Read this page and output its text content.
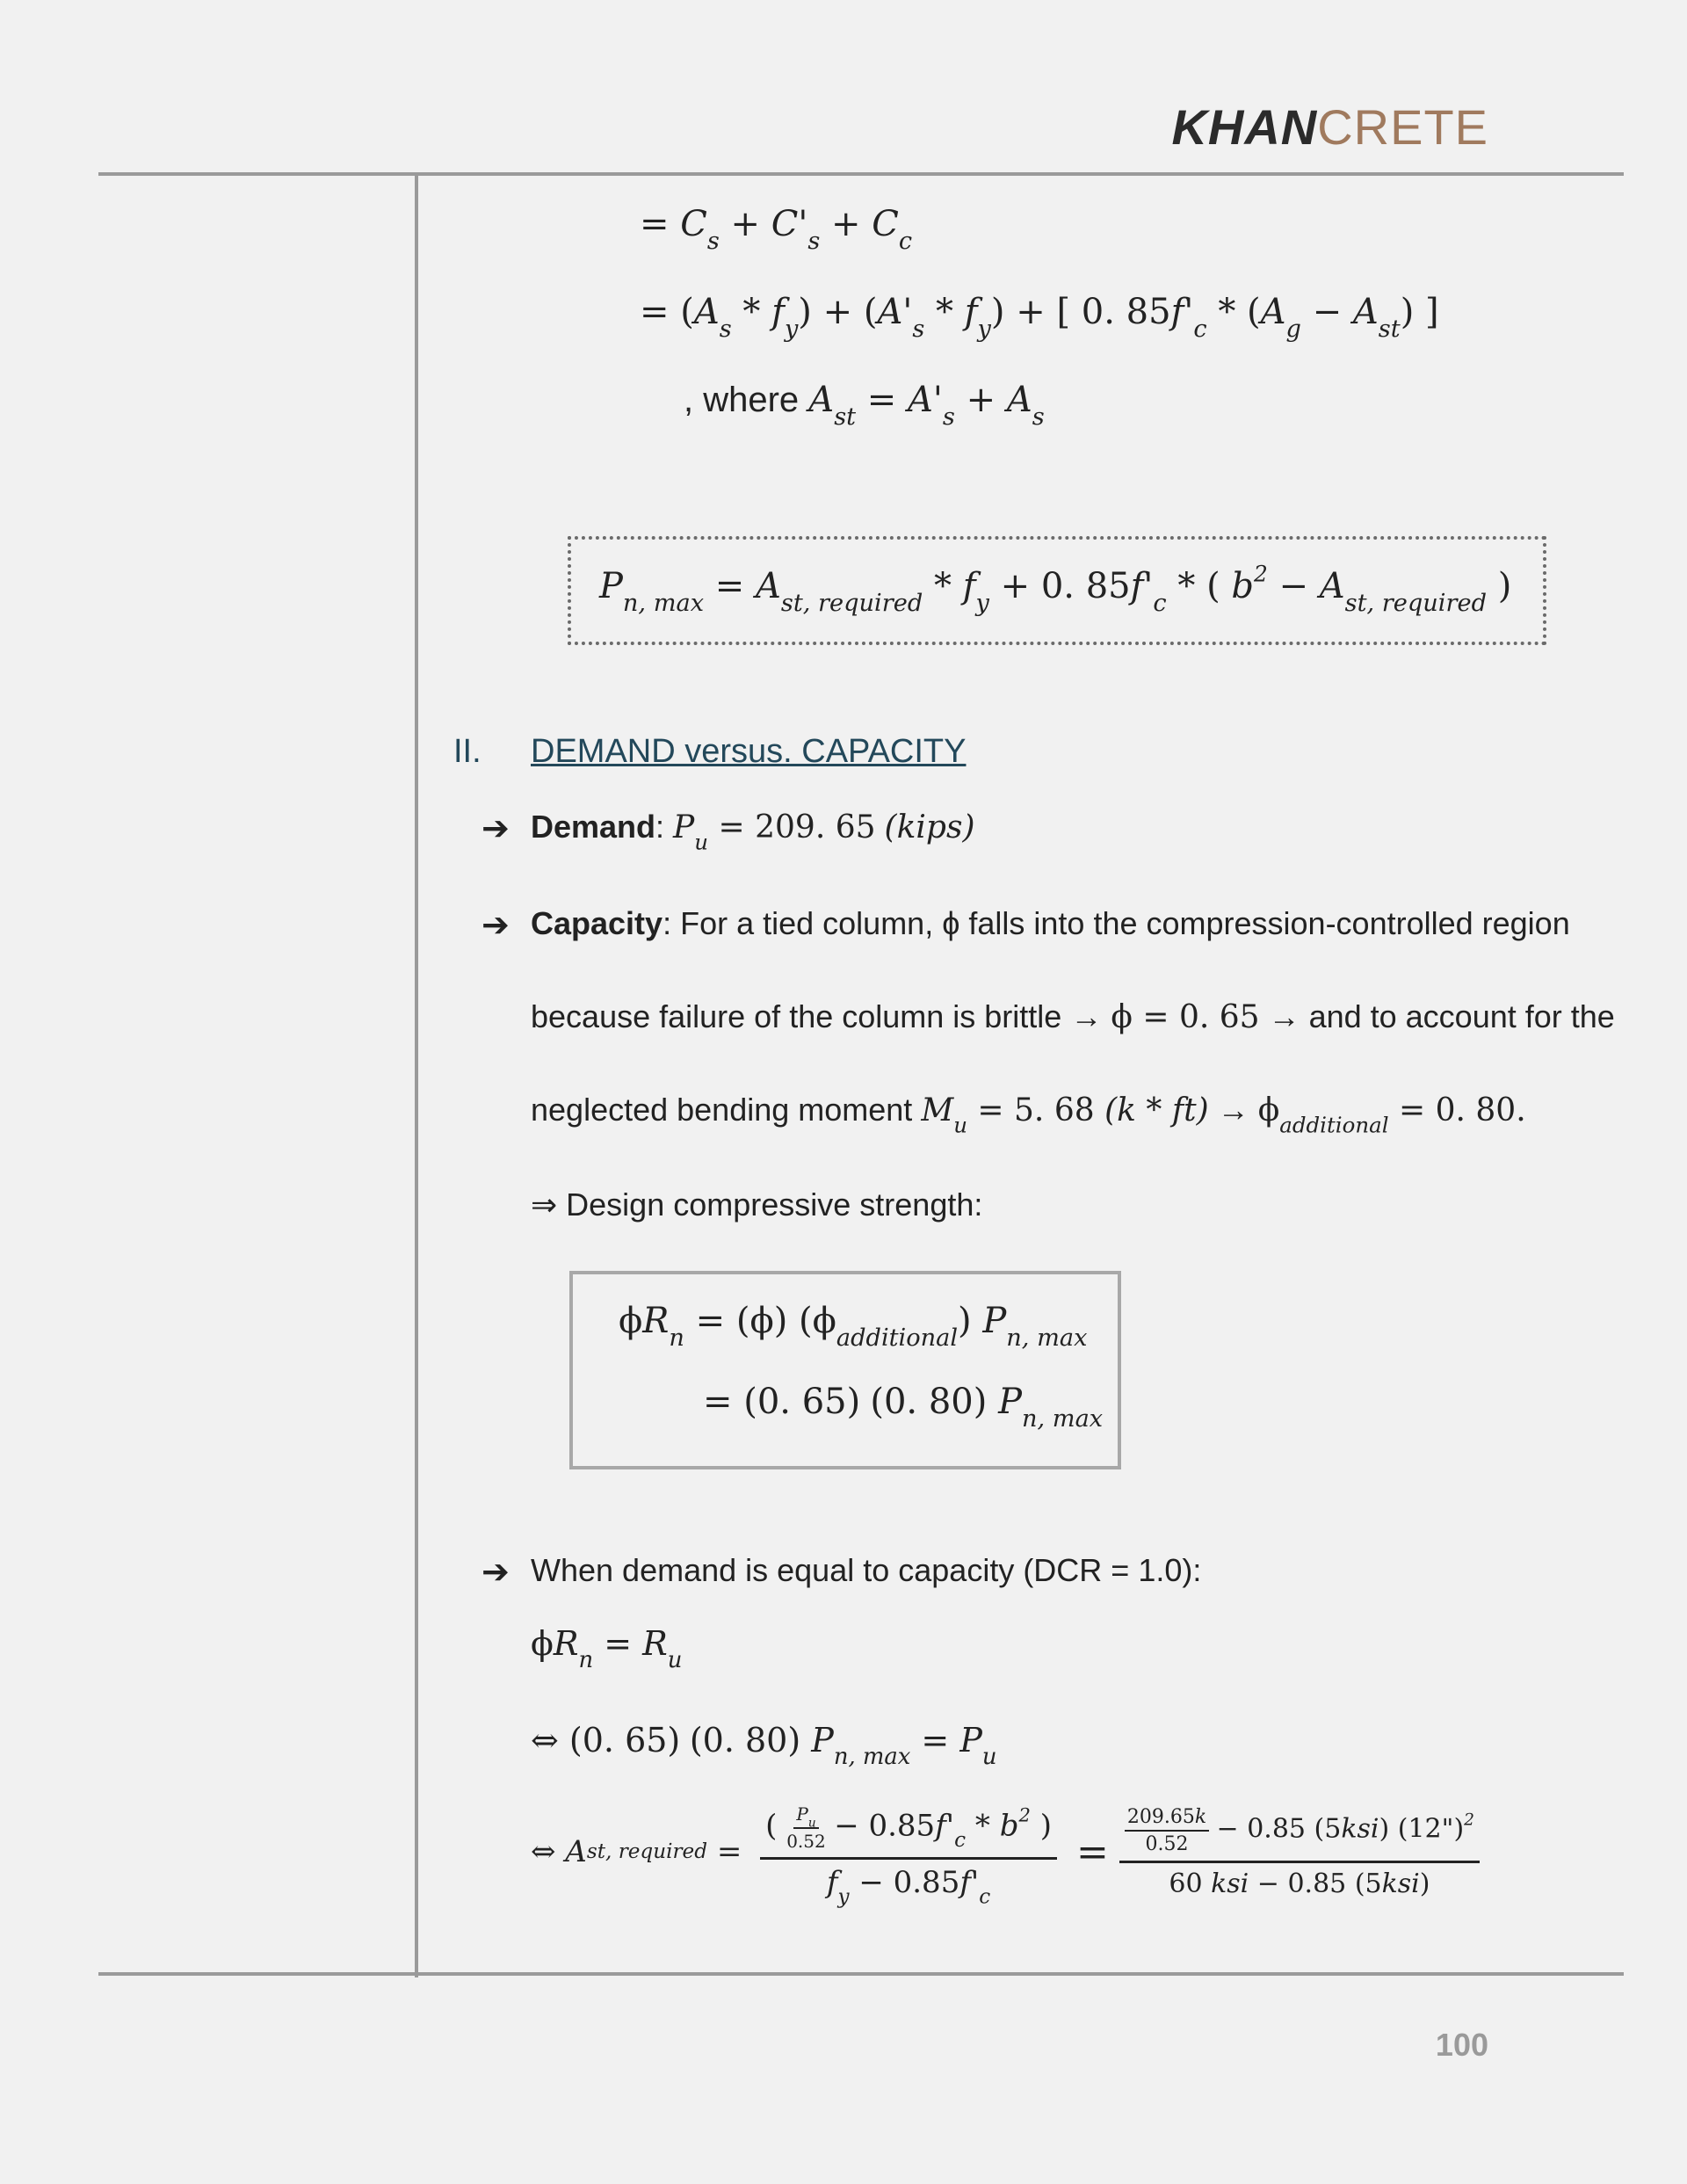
KHANCRETE
= $C_s + C'_s + C_c$
= $(A_s * f_y) + (A'_s * f_y)$ + [ 0. $85f'_c * (A_g - A_{st})$ ]
, where $A_{st} = A'_s + A_s$
$P_{n, max} = A_{st, required} * f_y + 0$. $85f'_c$ * ( $b^2 - A_{st, required}$ )
II. DEMAND versus. CAPACITY
➔ Demand: $P_u = 209$. 65 (kips)
➔ Capacity: For a tied column, ϕ falls into the compression-controlled region
because failure of the column is brittle → ϕ = 0. 65 → and to account for the
neglected bending moment $M_u = 5$. 68 $(k * ft) \to \phi_{additional} = 0$. 80.
⇒ Design compressive strength:
$\phi R_n = (\phi)$ $(\phi_{additional})$ $P_{n, max}$
= (0. 65) (0. 80) $P_{n, max}$
➔ When demand is equal to capacity (DCR = 1.0):
$\phi R_n = R_u$
⇔ (0. 65) (0. 80) $P_{n, max} = P_u$
⇔ A st, required = $\frac{( \frac{P_u}{0.52} - 0.85f'_c * b^2 )}{f_y - 0.85f'_c} = \frac{\frac{209.65k}{0.52} - 0.85 (5ksi) (12")^2}{\text{60 ksi − 0.85 (5ksi)}}$
100
